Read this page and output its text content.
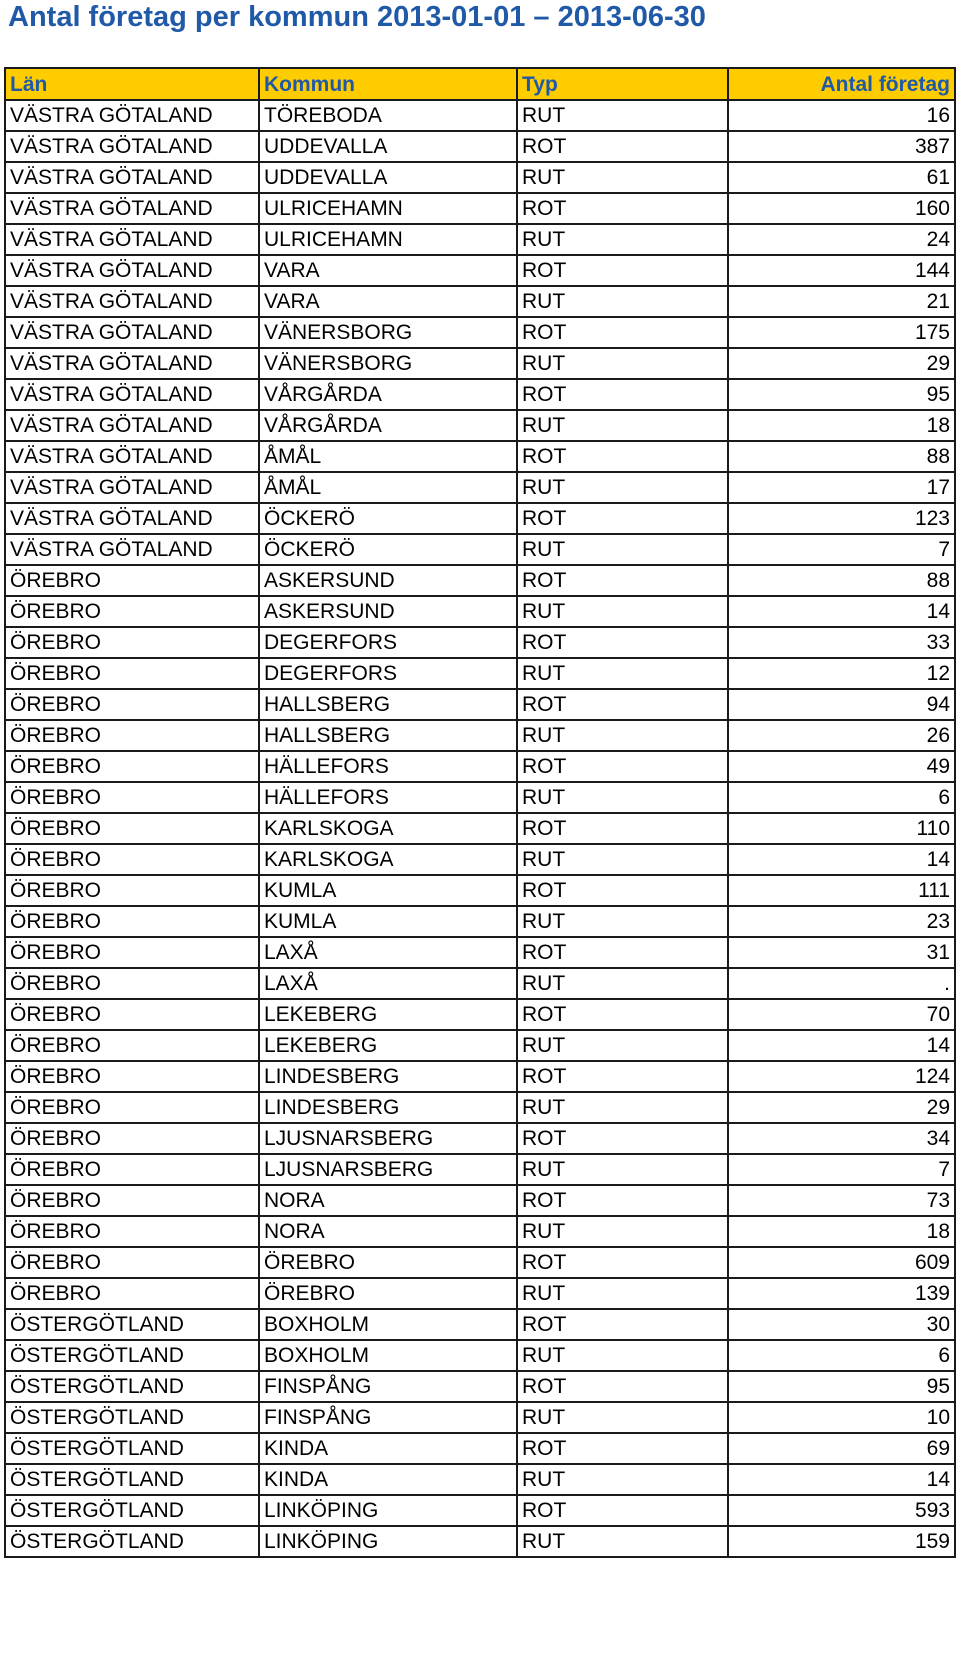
Antal företag per kommun 2013-01-01 – 2013-06-30
Län	Kommun	Typ	Antal företag
VÄSTRA GÖTALAND	TÖREBODA	RUT	16
VÄSTRA GÖTALAND	UDDEVALLA	ROT	387
VÄSTRA GÖTALAND	UDDEVALLA	RUT	61
VÄSTRA GÖTALAND	ULRICEHAMN	ROT	160
VÄSTRA GÖTALAND	ULRICEHAMN	RUT	24
VÄSTRA GÖTALAND	VARA	ROT	144
VÄSTRA GÖTALAND	VARA	RUT	21
VÄSTRA GÖTALAND	VÄNERSBORG	ROT	175
VÄSTRA GÖTALAND	VÄNERSBORG	RUT	29
VÄSTRA GÖTALAND	VÅRGÅRDA	ROT	95
VÄSTRA GÖTALAND	VÅRGÅRDA	RUT	18
VÄSTRA GÖTALAND	ÅMÅL	ROT	88
VÄSTRA GÖTALAND	ÅMÅL	RUT	17
VÄSTRA GÖTALAND	ÖCKERÖ	ROT	123
VÄSTRA GÖTALAND	ÖCKERÖ	RUT	7
ÖREBRO	ASKERSUND	ROT	88
ÖREBRO	ASKERSUND	RUT	14
ÖREBRO	DEGERFORS	ROT	33
ÖREBRO	DEGERFORS	RUT	12
ÖREBRO	HALLSBERG	ROT	94
ÖREBRO	HALLSBERG	RUT	26
ÖREBRO	HÄLLEFORS	ROT	49
ÖREBRO	HÄLLEFORS	RUT	6
ÖREBRO	KARLSKOGA	ROT	110
ÖREBRO	KARLSKOGA	RUT	14
ÖREBRO	KUMLA	ROT	111
ÖREBRO	KUMLA	RUT	23
ÖREBRO	LAXÅ	ROT	31
ÖREBRO	LAXÅ	RUT	.
ÖREBRO	LEKEBERG	ROT	70
ÖREBRO	LEKEBERG	RUT	14
ÖREBRO	LINDESBERG	ROT	124
ÖREBRO	LINDESBERG	RUT	29
ÖREBRO	LJUSNARSBERG	ROT	34
ÖREBRO	LJUSNARSBERG	RUT	7
ÖREBRO	NORA	ROT	73
ÖREBRO	NORA	RUT	18
ÖREBRO	ÖREBRO	ROT	609
ÖREBRO	ÖREBRO	RUT	139
ÖSTERGÖTLAND	BOXHOLM	ROT	30
ÖSTERGÖTLAND	BOXHOLM	RUT	6
ÖSTERGÖTLAND	FINSPÅNG	ROT	95
ÖSTERGÖTLAND	FINSPÅNG	RUT	10
ÖSTERGÖTLAND	KINDA	ROT	69
ÖSTERGÖTLAND	KINDA	RUT	14
ÖSTERGÖTLAND	LINKÖPING	ROT	593
ÖSTERGÖTLAND	LINKÖPING	RUT	159
